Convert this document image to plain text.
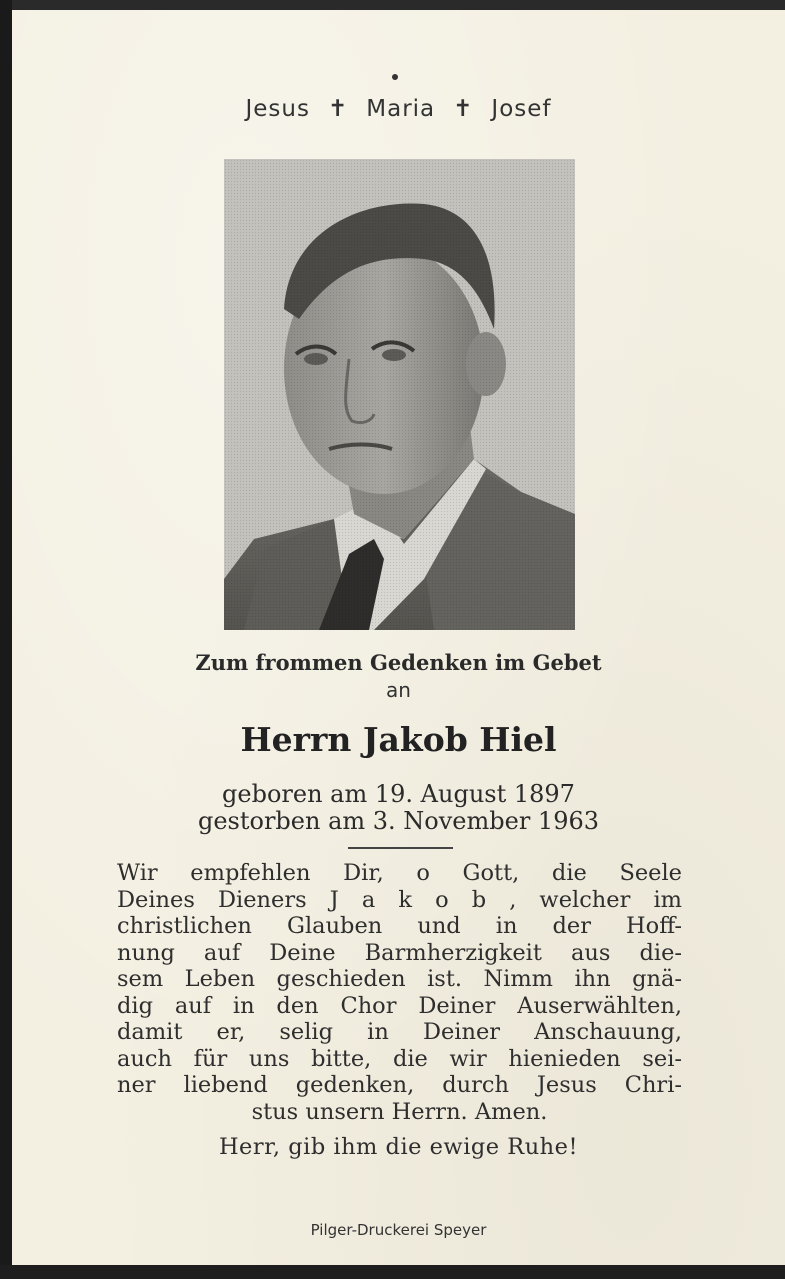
Jesus ✝ Maria ✝ Josef
Zum frommen Gedenken im Gebet
an
Herrn Jakob Hiel
geboren am 19. August 1897
gestorben am 3. November 1963
Wir empfehlen Dir, o Gott, die Seele
Deines Dieners J a k o b , welcher im
christlichen Glauben und in der Hoff-
nung auf Deine Barmherzigkeit aus die-
sem Leben geschieden ist. Nimm ihn gnä-
dig auf in den Chor Deiner Auserwählten,
damit er, selig in Deiner Anschauung,
auch für uns bitte, die wir hienieden sei-
ner liebend gedenken, durch Jesus Chri-
stus unsern Herrn. Amen.
Herr, gib ihm die ewige Ruhe!
Pilger-Druckerei Speyer
